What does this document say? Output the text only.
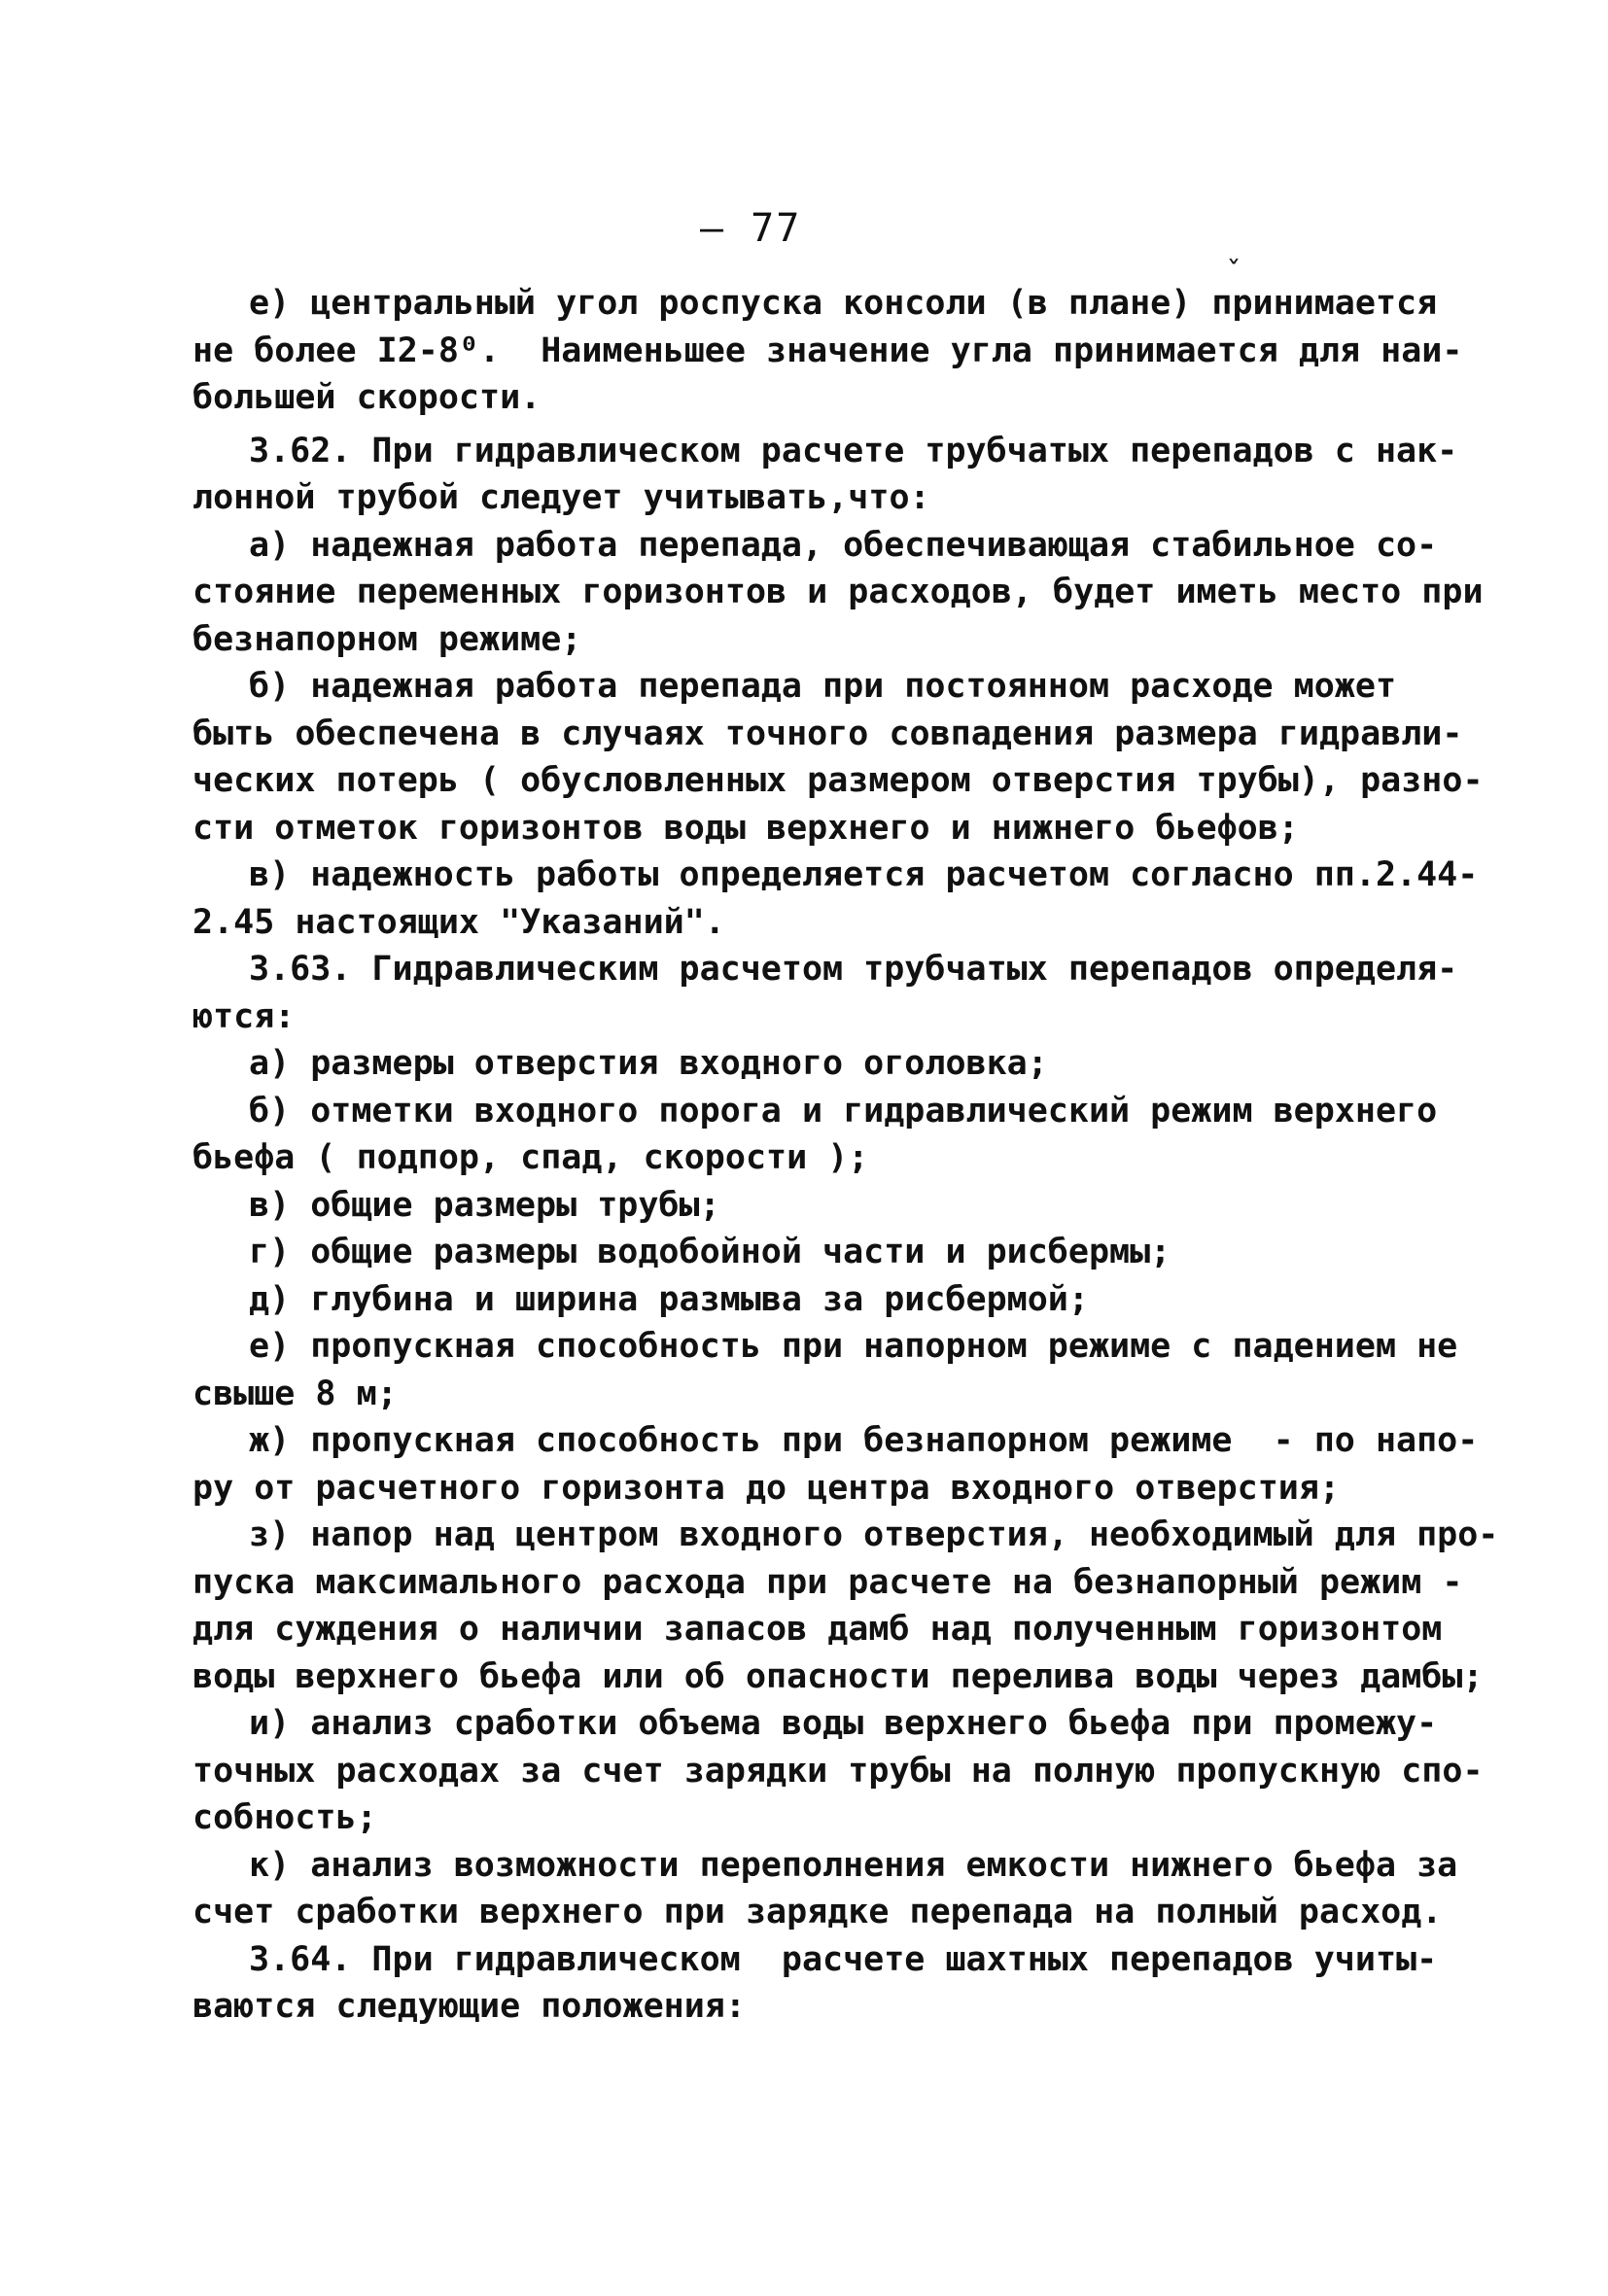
— 77
ˇ
е) центральный угол роспуска консоли (в плане) принимается
не более I2-8⁰.  Наименьшее значение угла принимается для наи-
большей скорости.
3.62. При гидравлическом расчете трубчатых перепадов с нак-
лонной трубой следует учитывать,что:
а) надежная работа перепада, обеспечивающая стабильное со-
стояние переменных горизонтов и расходов, будет иметь место при
безнапорном режиме;
б) надежная работа перепада при постоянном расходе может
быть обеспечена в случаях точного совпадения размера гидравли-
ческих потерь ( обусловленных размером отверстия трубы), разно-
сти отметок горизонтов воды верхнего и нижнего бьефов;
в) надежность работы определяется расчетом согласно пп.2.44-
2.45 настоящих "Указаний".
3.63. Гидравлическим расчетом трубчатых перепадов определя-
ются:
а) размеры отверстия входного оголовка;
б) отметки входного порога и гидравлический режим верхнего
бьефа ( подпор, спад, скорости );
в) общие размеры трубы;
г) общие размеры водобойной части и рисбермы;
д) глубина и ширина размыва за рисбермой;
е) пропускная способность при напорном режиме с падением не
свыше 8 м;
ж) пропускная способность при безнапорном режиме  - по напо-
ру от расчетного горизонта до центра входного отверстия;
з) напор над центром входного отверстия, необходимый для про-
пуска максимального расхода при расчете на безнапорный режим -
для суждения о наличии запасов дамб над полученным горизонтом
воды верхнего бьефа или об опасности перелива воды через дамбы;
и) анализ сработки объема воды верхнего бьефа при промежу-
точных расходах за счет зарядки трубы на полную пропускную спо-
собность;
к) анализ возможности переполнения емкости нижнего бьефа за
счет сработки верхнего при зарядке перепада на полный расход.
3.64. При гидравлическом  расчете шахтных перепадов учиты-
ваются следующие положения:
